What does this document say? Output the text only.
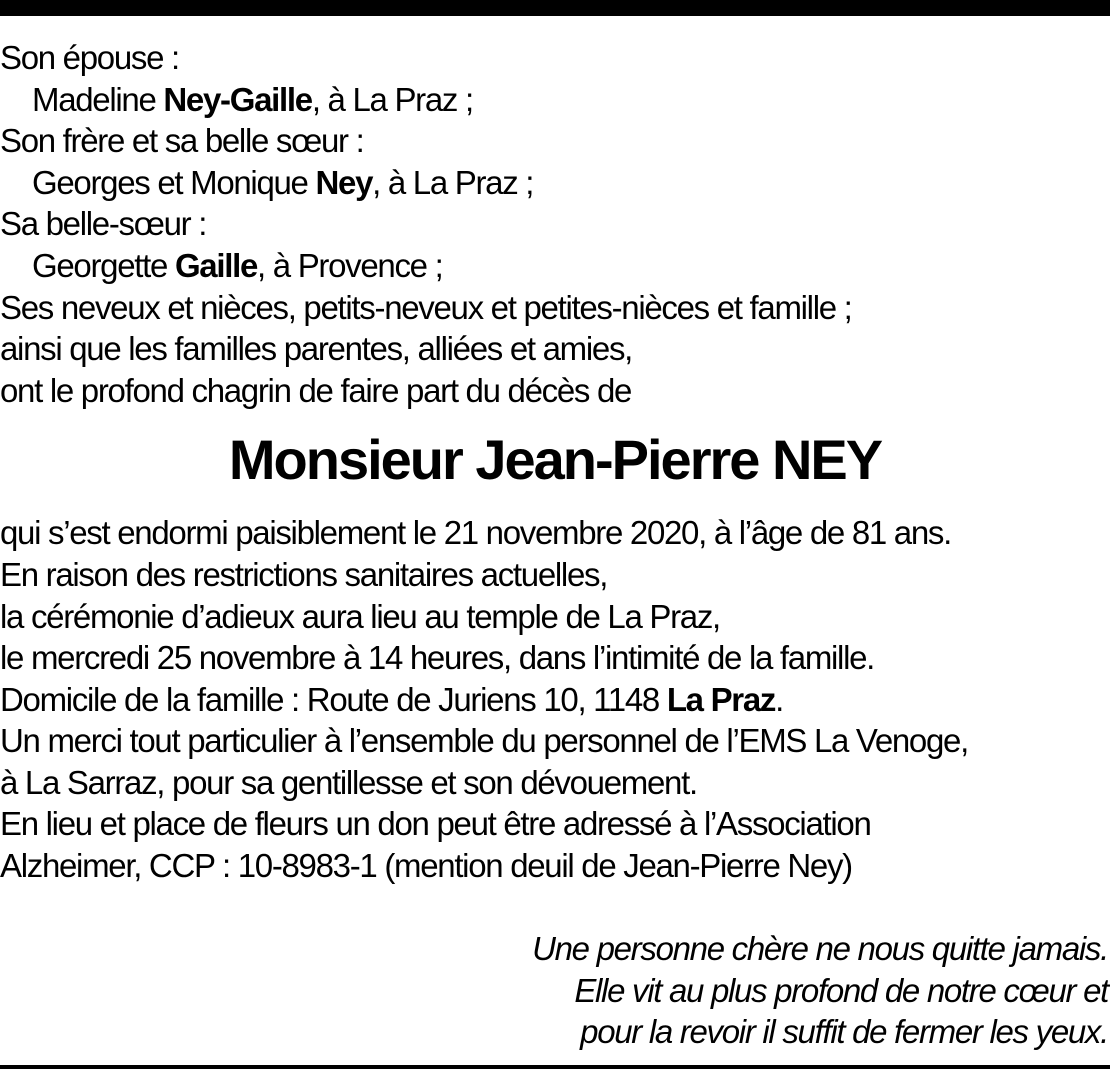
Son épouse :
Madeline Ney-Gaille, à La Praz ;
Son frère et sa belle sœur :
Georges et Monique Ney, à La Praz ;
Sa belle-sœur :
Georgette Gaille, à Provence ;
Ses neveux et nièces, petits-neveux et petites-nièces et famille ;
ainsi que les familles parentes, alliées et amies,
ont le profond chagrin de faire part du décès de
Monsieur Jean-Pierre NEY
qui s’est endormi paisiblement le 21 novembre 2020, à l’âge de 81 ans.
En raison des restrictions sanitaires actuelles,
la cérémonie d’adieux aura lieu au temple de La Praz,
le mercredi 25 novembre à 14 heures, dans l’intimité de la famille.
Domicile de la famille : Route de Juriens 10, 1148 La Praz.
Un merci tout particulier à l’ensemble du personnel de l’EMS La Venoge,
à La Sarraz, pour sa gentillesse et son dévouement.
En lieu et place de fleurs un don peut être adressé à l’Association
Alzheimer, CCP : 10-8983-1 (mention deuil de Jean-Pierre Ney)
Une personne chère ne nous quitte jamais.
Elle vit au plus profond de notre cœur et
pour la revoir il suffit de fermer les yeux.
